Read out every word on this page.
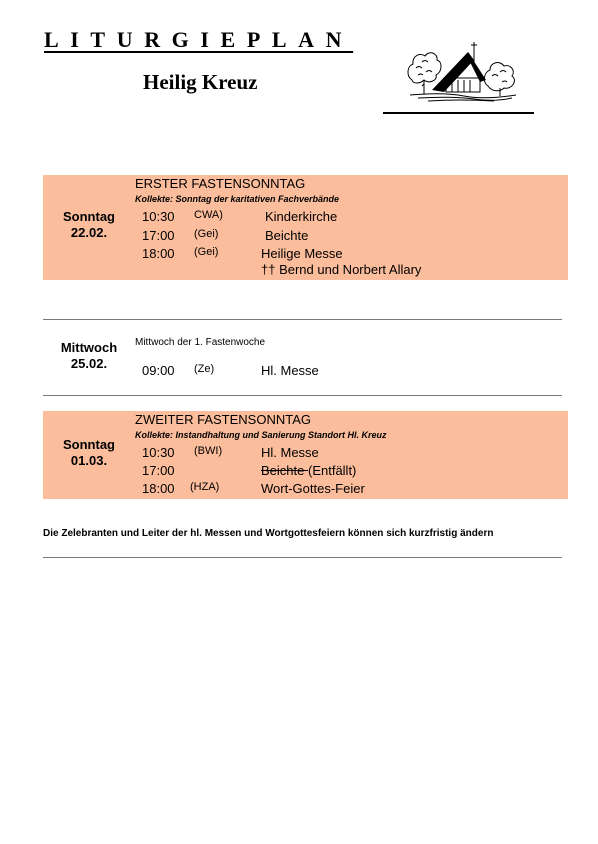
LITURGIEPLAN
Heilig Kreuz
Sonntag
22.02.
ERSTER FASTENSONNTAG
Kollekte: Sonntag der karitativen Fachverbände
10:30 CWA)	Kinderkirche
17:00 (Gei)	Beichte
18:00 (Gei)	Heilige Messe
†† Bernd und Norbert Allary
Mittwoch
25.02.
Mittwoch der 1. Fastenwoche
09:00 (Ze)	Hl. Messe
Sonntag
01.03.
ZWEITER FASTENSONNTAG
Kollekte: Instandhaltung und Sanierung Standort Hl. Kreuz
10:30 (BWI)	Hl. Messe
17:00	Beichte (Entfällt)
18:00 (HZA)	Wort-Gottes-Feier
Die Zelebranten und Leiter der hl. Messen und Wortgottesfeiern können sich kurzfristig ändern
